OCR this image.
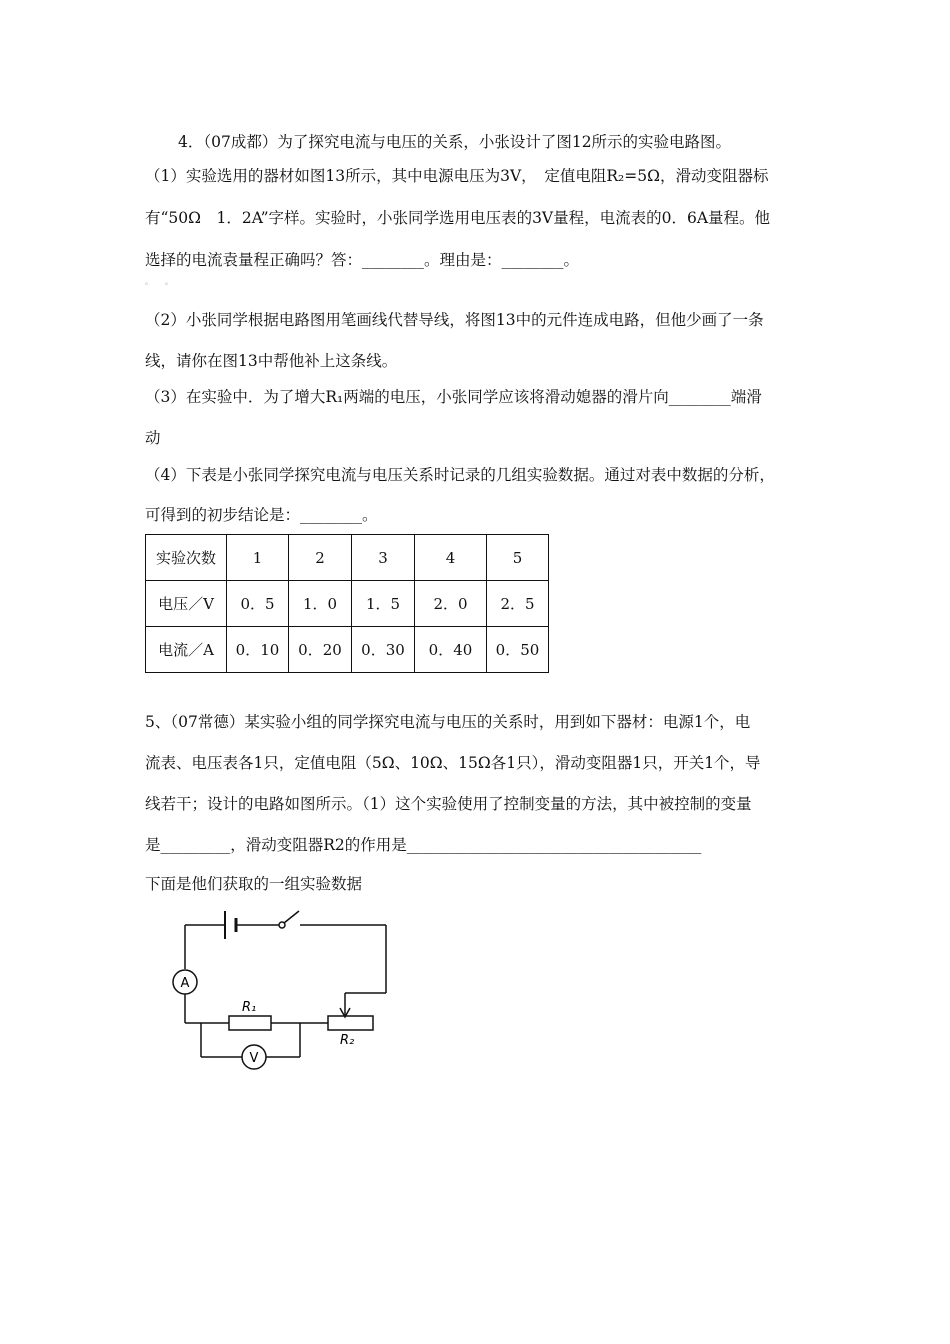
4．（07成都）为了探究电流与电压的关系，小张设计了图12所示的实验电路图。
（1）实验选用的器材如图13所示，其中电源电压为3V，　定值电阻R₂=5Ω，滑动变阻器标
有“50Ω　1．2A”字样。实验时，小张同学选用电压表的3V量程，电流表的0．6A量程。他
选择的电流袁量程正确吗？答：________。理由是：________。
。　　。
（2）小张同学根据电路图用笔画线代替导线，将图13中的元件连成电路，但他少画了一条
线，请你在图13中帮他补上这条线。
（3）在实验中．为了增大R₁两端的电压，小张同学应该将滑动媳器的滑片向________端滑
动
（4）下表是小张同学探究电流与电压关系时记录的几组实验数据。通过对表中数据的分析，
可得到的初步结论是：________。
实验次数	1	2	3	4	5
电压／V	0．5	1．0	1．5	2．0	2．5
电流／A	0．10	0．20	0．30	0．40	0．50
5、（07常德）某实验小组的同学探究电流与电压的关系时，用到如下器材：电源1个，电
流表、电压表各1只，定值电阻（5Ω、10Ω、15Ω各1只），滑动变阻器1只，开关1个，导
线若干；设计的电路如图所示。（1）这个实验使用了控制变量的方法，其中被控制的变量
是_________，滑动变阻器R2的作用是______________________________________
下面是他们获取的一组实验数据
A
V
R₁
R₂
